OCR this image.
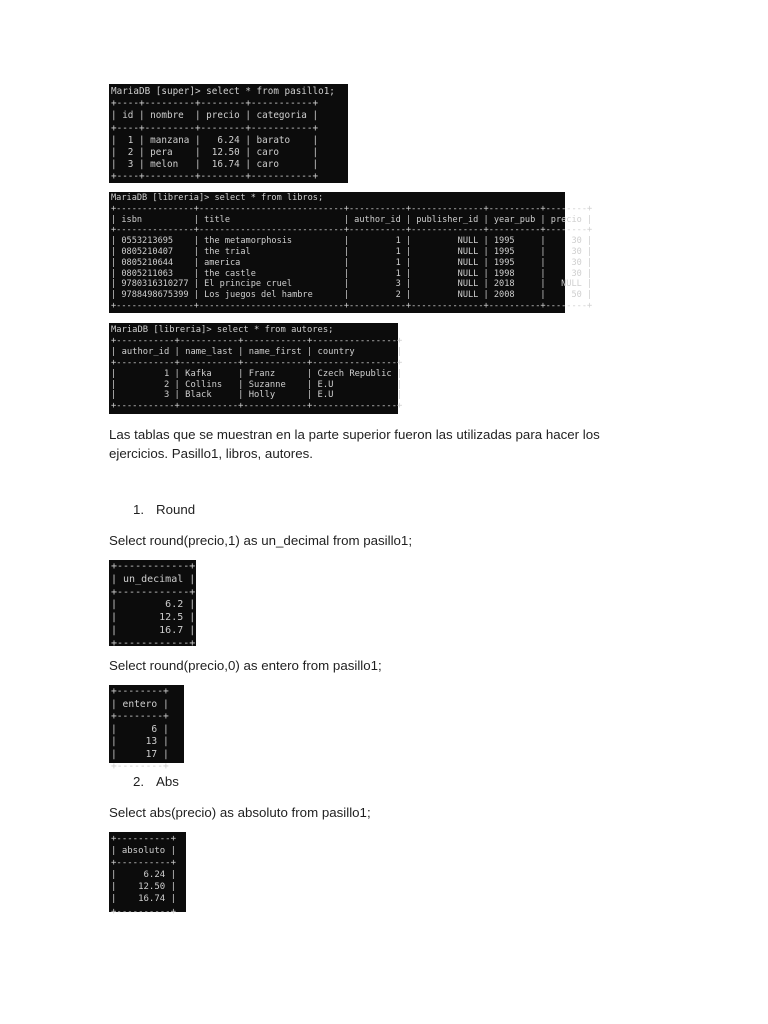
MariaDB [super]> select * from pasillo1;
+----+---------+--------+-----------+
| id | nombre  | precio | categoria |
+----+---------+--------+-----------+
|  1 | manzana |   6.24 | barato    |
|  2 | pera    |  12.50 | caro      |
|  3 | melon   |  16.74 | caro      |
+----+---------+--------+-----------+
MariaDB [libreria]> select * from libros;
+---------------+----------------------------+-----------+--------------+----------+--------+
| isbn          | title                      | author_id | publisher_id | year_pub | precio |
+---------------+----------------------------+-----------+--------------+----------+--------+
| 0553213695    | the metamorphosis          |         1 |         NULL | 1995     |     30 |
| 0805210407    | the trial                  |         1 |         NULL | 1995     |     30 |
| 0805210644    | america                    |         1 |         NULL | 1995     |     30 |
| 0805211063    | the castle                 |         1 |         NULL | 1998     |     30 |
| 9780316310277 | El principe cruel          |         3 |         NULL | 2018     |   NULL |
| 9788498675399 | Los juegos del hambre      |         2 |         NULL | 2008     |     50 |
+---------------+----------------------------+-----------+--------------+----------+--------+
MariaDB [libreria]> select * from autores;
+-----------+-----------+------------+----------------+
| author_id | name_last | name_first | country        |
+-----------+-----------+------------+----------------+
|         1 | Kafka     | Franz      | Czech Republic |
|         2 | Collins   | Suzanne    | E.U            |
|         3 | Black     | Holly      | E.U            |
+-----------+-----------+------------+----------------+

Las tablas que se muestran en la parte superior fueron las utilizadas para hacer los ejercicios. Pasillo1, libros, autores.

1. Round

Select round(precio,1) as un_decimal from pasillo1;

+------------+
| un_decimal |
+------------+
|        6.2 |
|       12.5 |
|       16.7 |
+------------+

Select round(precio,0) as entero from pasillo1;

+--------+
| entero |
+--------+
|      6 |
|     13 |
|     17 |
+--------+
2. Abs

Select abs(precio) as absoluto from pasillo1;

+----------+
| absoluto |
+----------+
|     6.24 |
|    12.50 |
|    16.74 |
+----------+
